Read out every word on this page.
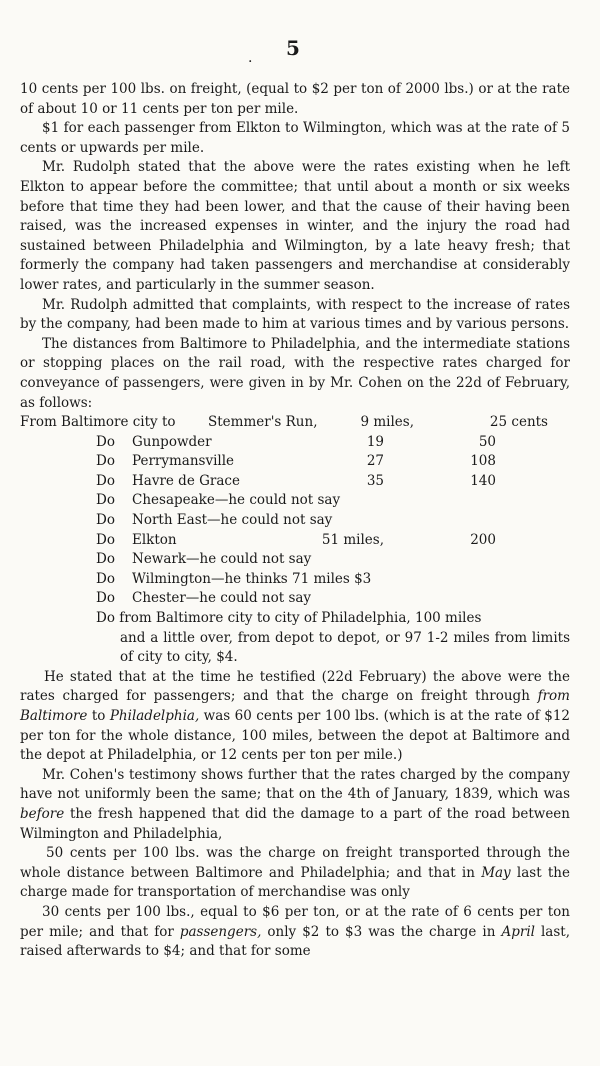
. 5

10 cents per 100 lbs. on freight, (equal to $2 per ton of 2000 lbs.) or at the rate of about 10 or 11 cents per ton per mile.

$1 for each passenger from Elkton to Wilmington, which was at the rate of 5 cents or upwards per mile.

Mr. Rudolph stated that the above were the rates existing when he left Elkton to appear before the committee; that until about a month or six weeks before that time they had been lower, and that the cause of their having been raised, was the increased expenses in winter, and the injury the road had sustained between Philadelphia and Wilmington, by a late heavy fresh; that formerly the company had taken passengers and merchandise at considerably lower rates, and particularly in the summer season.

Mr. Rudolph admitted that complaints, with respect to the increase of rates by the company, had been made to him at various times and by various persons.

The distances from Baltimore to Philadelphia, and the intermediate stations or stopping places on the rail road, with the respective rates charged for conveyance of passengers, were given in by Mr. Cohen on the 22d of February, as follows:

From Baltimore city to	Stemmer's Run,	9 miles,	25 cents
Do	Gunpowder	19	50
Do	Perrymansville	27	108
Do	Havre de Grace	35	140
Do	Chesapeake—he could not say
Do	North East—he could not say
Do	Elkton	51 miles,	200
Do	Newark—he could not say
Do	Wilmington—he thinks 71 miles $3
Do	Chester—he could not say
Do from Baltimore city to city of Philadelphia, 100 miles

and a little over, from depot to depot, or 97 1-2 miles from limits of city to city, $4.

He stated that at the time he testified (22d February) the above were the rates charged for passengers; and that the charge on freight through from Baltimore to Philadelphia, was 60 cents per 100 lbs. (which is at the rate of $12 per ton for the whole distance, 100 miles, between the depot at Baltimore and the depot at Philadelphia, or 12 cents per ton per mile.)

Mr. Cohen's testimony shows further that the rates charged by the company have not uniformly been the same; that on the 4th of January, 1839, which was before the fresh happened that did the damage to a part of the road between Wilmington and Philadelphia,

50 cents per 100 lbs. was the charge on freight transported through the whole distance between Baltimore and Philadelphia; and that in May last the charge made for transportation of merchandise was only

30 cents per 100 lbs., equal to $6 per ton, or at the rate of 6 cents per ton per mile; and that for passengers, only $2 to $3 was the charge in April last, raised afterwards to $4; and that for some
